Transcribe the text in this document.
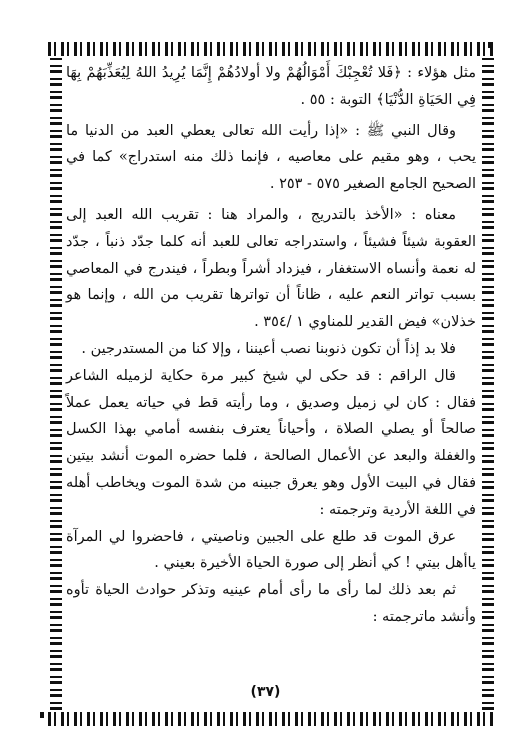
مثل هؤلاء : ﴿فَلا تُعْجِبْكَ أَمْوَالُهُمْ ولا أولادُهُمْ إِنَّمَا يُرِيدُ اللهُ لِيُعَذِّبَهُمْ بِهَا فِي الحَيَاةِ الدُّنْيَا﴾ التوبة : ٥٥ .

وقال النبي ﷺ : «إذا رأيت الله تعالى يعطي العبد من الدنيا ما يحب ، وهو مقيم على معاصيه ، فإنما ذلك منه استدراج» كما في الصحيح الجامع الصغير ٥٧٥ - ٢٥٣ .

معناه : «الأخذ بالتدريج ، والمراد هنا : تقريب الله العبد إلى العقوبة شيئاً فشيئاً ، واستدراجه تعالى للعبد أنه كلما جدّد ذنباً ، جدّد له نعمة وأنساه الاستغفار ، فيزداد أشراً وبطراً ، فيندرج في المعاصي بسبب تواتر النعم عليه ، ظاناً أن تواترها تقريب من الله ، وإنما هو خذلان» فيض القدير للمناوي ١ /٣٥٤ .

فلا بد إذاً أن تكون ذنوبنا نصب أعيننا ، وإلا كنا من المستدرجين .

قال الراقم : قد حكى لي شيخ كبير مرة حكاية لزميله الشاعر فقال : كان لي زميل وصديق ، وما رأيته قط في حياته يعمل عملاً صالحاً أو يصلي الصلاة ، وأحياناً يعترف بنفسه أمامي بهذا الكسل والغفلة والبعد عن الأعمال الصالحة ، فلما حضره الموت أنشد بيتين فقال في البيت الأول وهو يعرق جبينه من شدة الموت ويخاطب أهله في اللغة الأردية وترجمته :

عرق الموت قد طلع على الجبين وناصيتي ، فاحضروا لي المرآة ياأهل بيتي ! كي أنظر إلى صورة الحياة الأخيرة بعيني .

ثم بعد ذلك لما رأى ما رأى أمام عينيه وتذكر حوادث الحياة تأوه وأنشد ماترجمته :

(٣٧)
